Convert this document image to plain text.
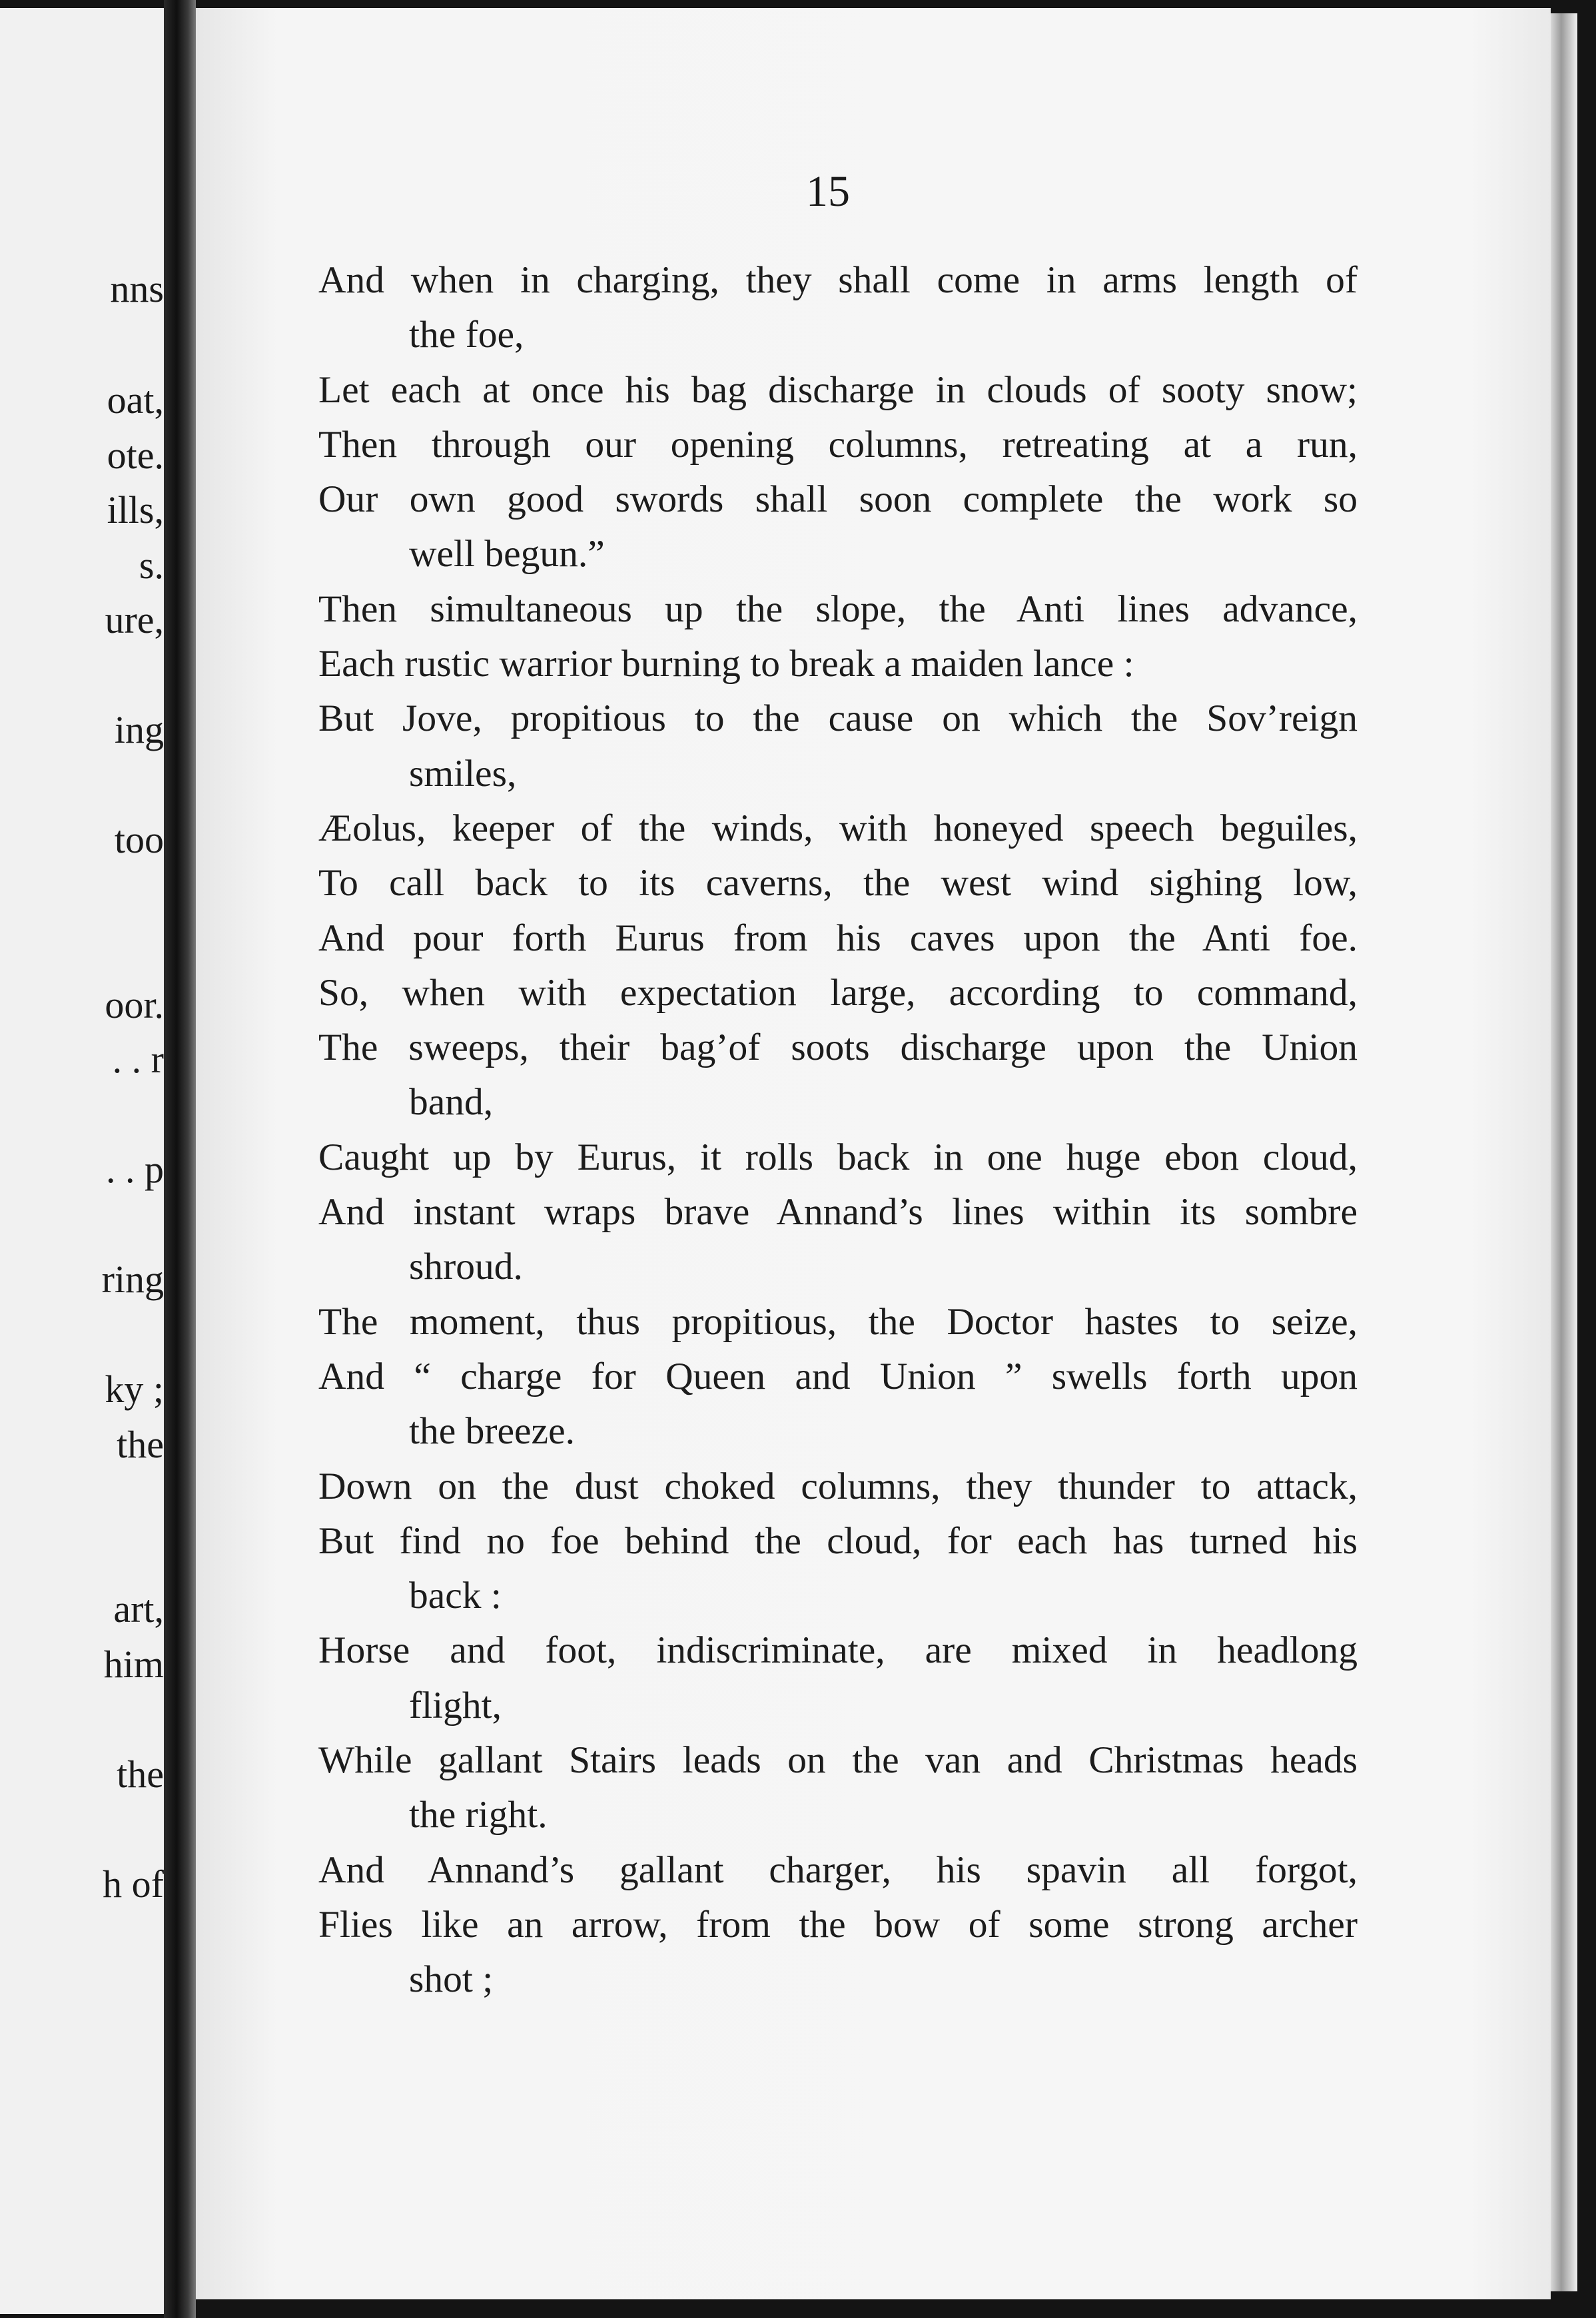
nns
oat,
ote.
ills,
s.
ure,
ing
too
oor.
. . r
. . p
ring
ky ;
the
art,
him
the
h of
15
And when in charging, they shall come in arms length of
the foe,
Let each at once his bag discharge in clouds of sooty snow;
Then through our opening columns, retreating at a run,
Our own good swords shall soon complete the work so
well begun.”
Then simultaneous up the slope, the Anti lines advance,
Each rustic warrior burning to break a maiden lance :
But Jove, propitious to the cause on which the Sov’reign
smiles,
Æolus, keeper of the winds, with honeyed speech beguiles,
To call back to its caverns, the west wind sighing low,
And pour forth Eurus from his caves upon the Anti foe.
So, when with expectation large, according to command,
The sweeps, their bag’of soots discharge upon the Union
band,
Caught up by Eurus, it rolls back in one huge ebon cloud,
And instant wraps brave Annand’s lines within its sombre
shroud.
The moment, thus propitious, the Doctor hastes to seize,
And “ charge for Queen and Union ” swells forth upon
the breeze.
Down on the dust choked columns, they thunder to attack,
But find no foe behind the cloud, for each has turned his
back :
Horse and foot, indiscriminate, are mixed in headlong
flight,
While gallant Stairs leads on the van and Christmas heads
the right.
And Annand’s gallant charger, his spavin all forgot,
Flies like an arrow, from the bow of some strong archer
shot ;
